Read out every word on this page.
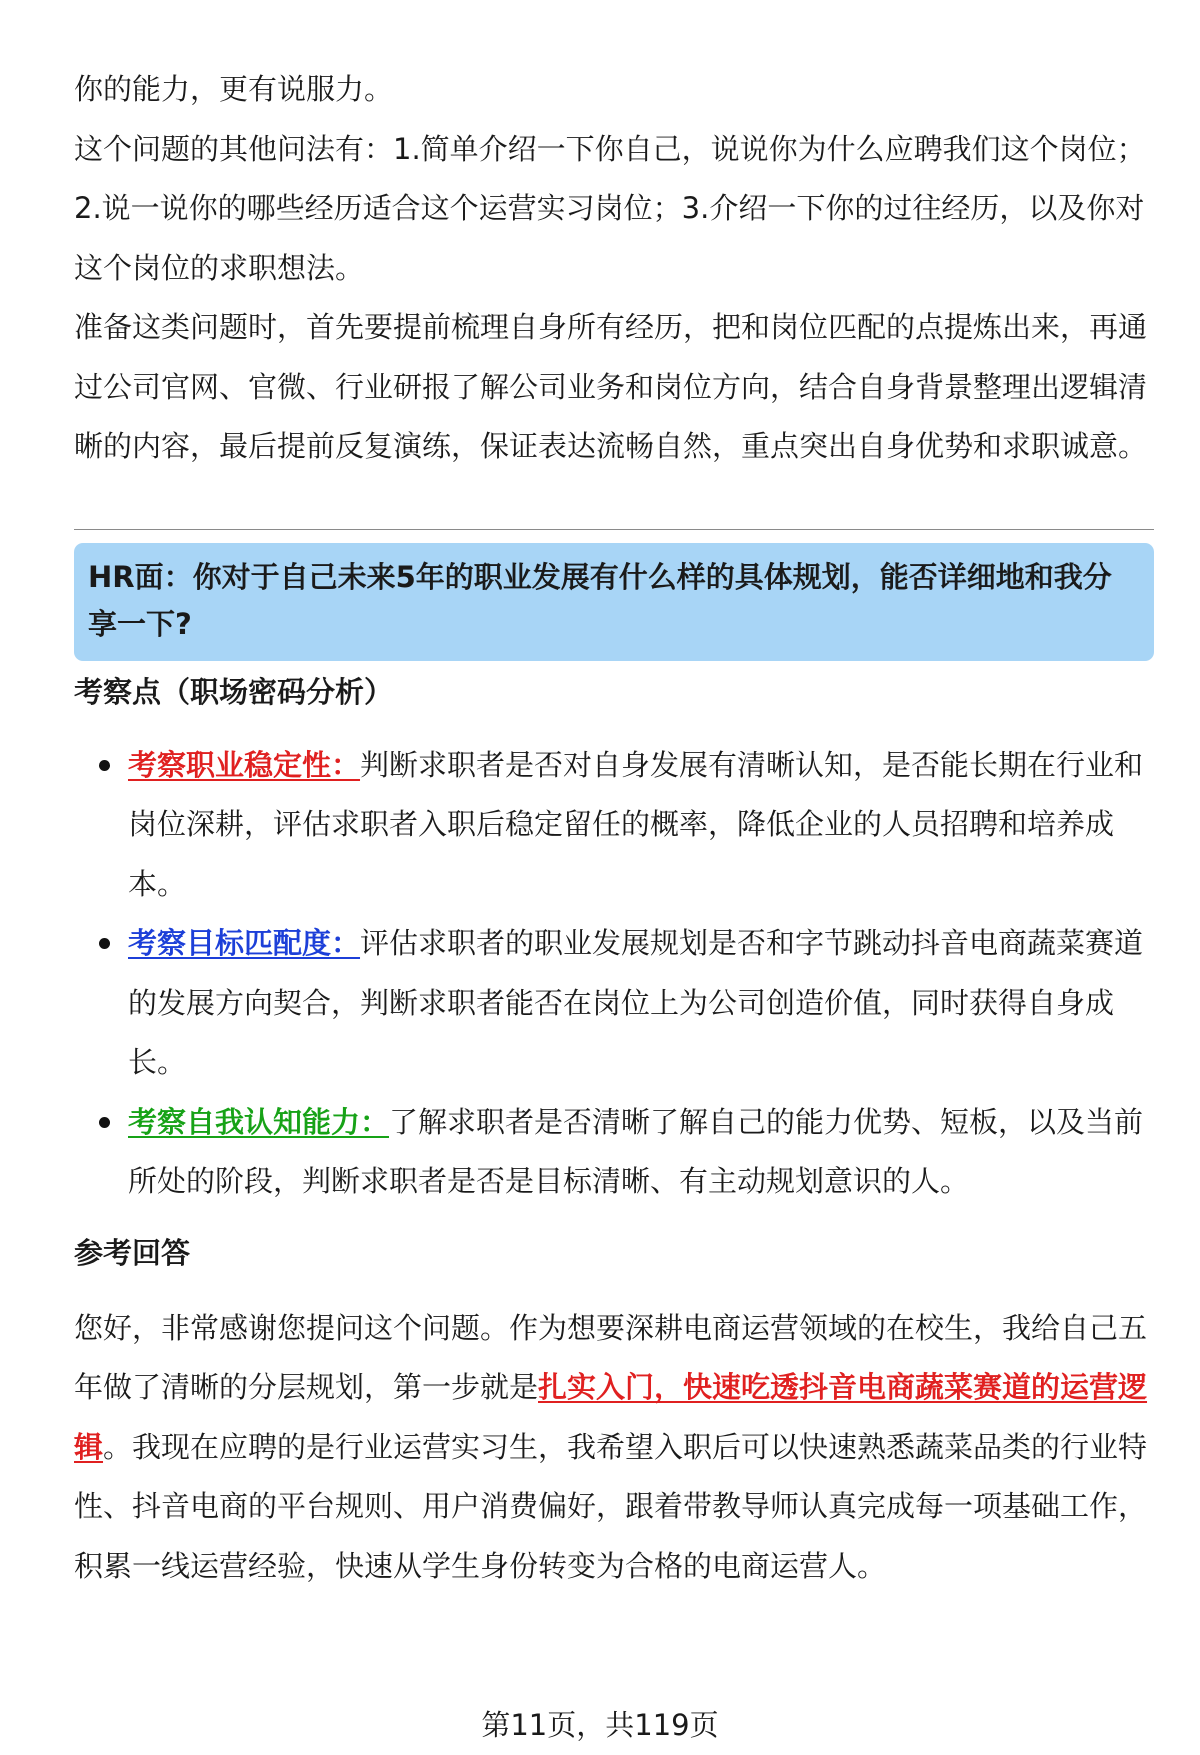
你的能力，更有说服力。

这个问题的其他问法有：1.简单介绍一下你自己，说说你为什么应聘我们这个岗位；2.说一说你的哪些经历适合这个运营实习岗位；3.介绍一下你的过往经历，以及你对这个岗位的求职想法。

准备这类问题时，首先要提前梳理自身所有经历，把和岗位匹配的点提炼出来，再通过公司官网、官微、行业研报了解公司业务和岗位方向，结合自身背景整理出逻辑清晰的内容，最后提前反复演练，保证表达流畅自然，重点突出自身优势和求职诚意。

HR面：你对于自己未来5年的职业发展有什么样的具体规划，能否详细地和我分享一下?
考察点（职场密码分析）
考察职业稳定性：判断求职者是否对自身发展有清晰认知，是否能长期在行业和岗位深耕，评估求职者入职后稳定留任的概率，降低企业的人员招聘和培养成本。
考察目标匹配度：评估求职者的职业发展规划是否和字节跳动抖音电商蔬菜赛道的发展方向契合，判断求职者能否在岗位上为公司创造价值，同时获得自身成长。
考察自我认知能力：了解求职者是否清晰了解自己的能力优势、短板，以及当前所处的阶段，判断求职者是否是目标清晰、有主动规划意识的人。
参考回答

您好，非常感谢您提问这个问题。作为想要深耕电商运营领域的在校生，我给自己五年做了清晰的分层规划，第一步就是扎实入门，快速吃透抖音电商蔬菜赛道的运营逻辑。我现在应聘的是行业运营实习生，我希望入职后可以快速熟悉蔬菜品类的行业特性、抖音电商的平台规则、用户消费偏好，跟着带教导师认真完成每一项基础工作，积累一线运营经验，快速从学生身份转变为合格的电商运营人。

第11页，共119页
